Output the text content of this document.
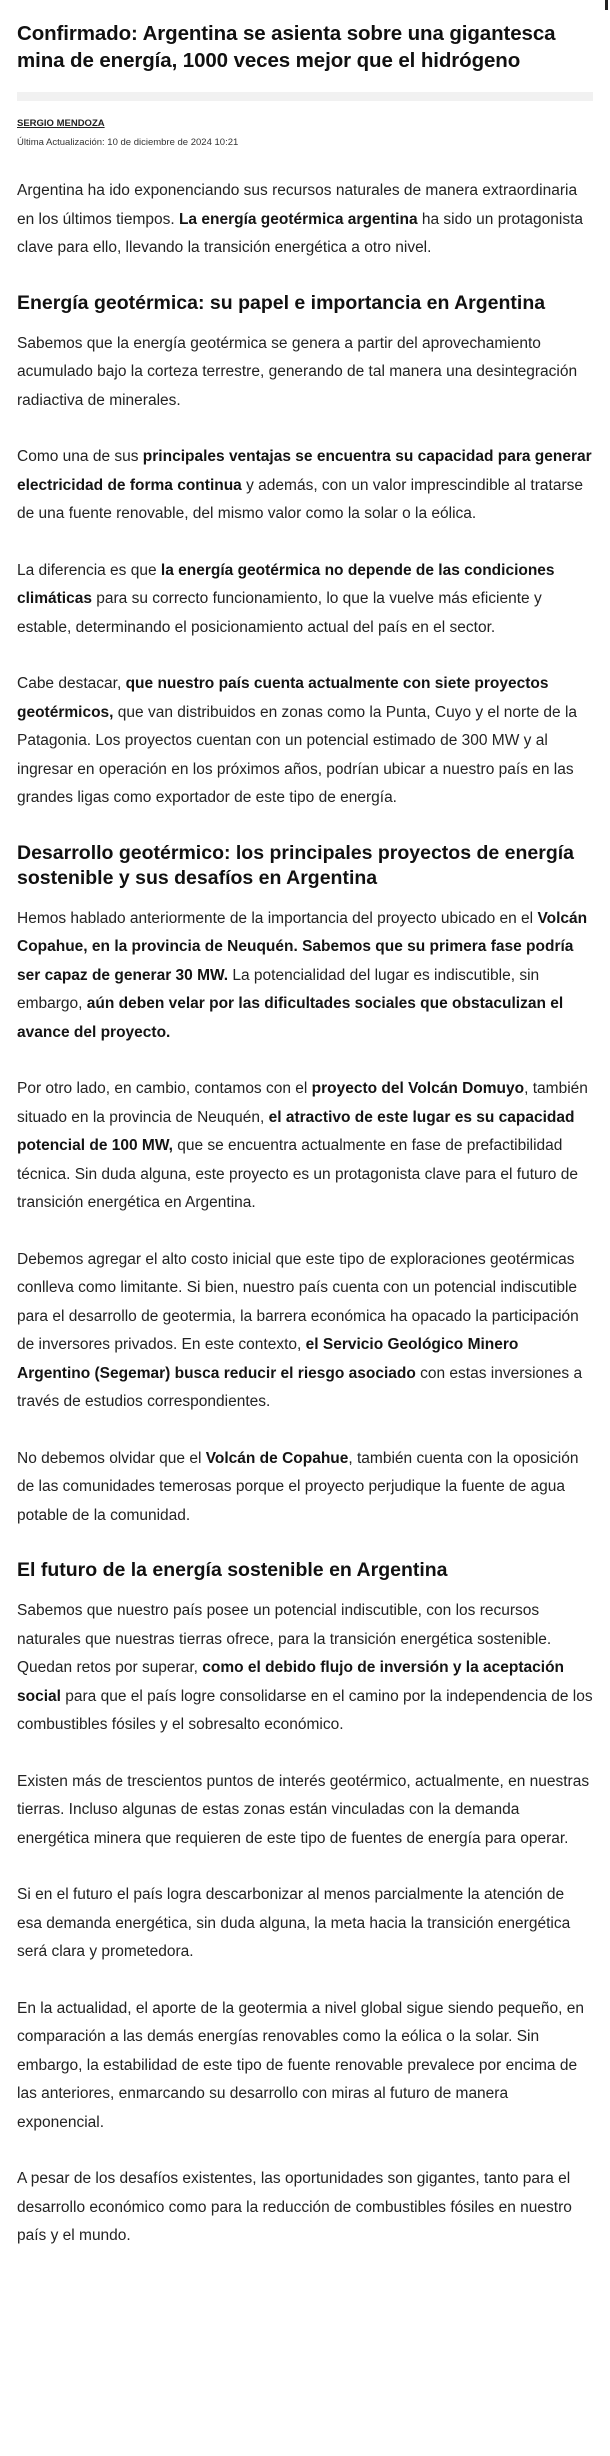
Confirmado: Argentina se asienta sobre una gigantesca mina de energía, 1000 veces mejor que el hidrógeno
SERGIO MENDOZA
Última Actualización: 10 de diciembre de 2024 10:21

Argentina ha ido exponenciando sus recursos naturales de manera extraordinaria en los últimos tiempos. La energía geotérmica argentina ha sido un protagonista clave para ello, llevando la transición energética a otro nivel.

Energía geotérmica: su papel e importancia en Argentina

Sabemos que la energía geotérmica se genera a partir del aprovechamiento acumulado bajo la corteza terrestre, generando de tal manera una desintegración radiactiva de minerales.

Como una de sus principales ventajas se encuentra su capacidad para generar electricidad de forma continua y además, con un valor imprescindible al tratarse de una fuente renovable, del mismo valor como la solar o la eólica.

La diferencia es que la energía geotérmica no depende de las condiciones climáticas para su correcto funcionamiento, lo que la vuelve más eficiente y estable, determinando el posicionamiento actual del país en el sector.

Cabe destacar, que nuestro país cuenta actualmente con siete proyectos geotérmicos, que van distribuidos en zonas como la Punta, Cuyo y el norte de la Patagonia. Los proyectos cuentan con un potencial estimado de 300 MW y al ingresar en operación en los próximos años, podrían ubicar a nuestro país en las grandes ligas como exportador de este tipo de energía.

Desarrollo geotérmico: los principales proyectos de energía sostenible y sus desafíos en Argentina

Hemos hablado anteriormente de la importancia del proyecto ubicado en el Volcán Copahue, en la provincia de Neuquén. Sabemos que su primera fase podría ser capaz de generar 30 MW. La potencialidad del lugar es indiscutible, sin embargo, aún deben velar por las dificultades sociales que obstaculizan el avance del proyecto.

Por otro lado, en cambio, contamos con el proyecto del Volcán Domuyo, también situado en la provincia de Neuquén, el atractivo de este lugar es su capacidad potencial de 100 MW, que se encuentra actualmente en fase de prefactibilidad técnica. Sin duda alguna, este proyecto es un protagonista clave para el futuro de transición energética en Argentina.

Debemos agregar el alto costo inicial que este tipo de exploraciones geotérmicas conlleva como limitante. Si bien, nuestro país cuenta con un potencial indiscutible para el desarrollo de geotermia, la barrera económica ha opacado la participación de inversores privados. En este contexto, el Servicio Geológico Minero Argentino (Segemar) busca reducir el riesgo asociado con estas inversiones a través de estudios correspondientes.

No debemos olvidar que el Volcán de Copahue, también cuenta con la oposición de las comunidades temerosas porque el proyecto perjudique la fuente de agua potable de la comunidad.

El futuro de la energía sostenible en Argentina

Sabemos que nuestro país posee un potencial indiscutible, con los recursos naturales que nuestras tierras ofrece, para la transición energética sostenible. Quedan retos por superar, como el debido flujo de inversión y la aceptación social para que el país logre consolidarse en el camino por la independencia de los combustibles fósiles y el sobresalto económico.

Existen más de trescientos puntos de interés geotérmico, actualmente, en nuestras tierras. Incluso algunas de estas zonas están vinculadas con la demanda energética minera que requieren de este tipo de fuentes de energía para operar.

Si en el futuro el país logra descarbonizar al menos parcialmente la atención de esa demanda energética, sin duda alguna, la meta hacia la transición energética será clara y prometedora.

En la actualidad, el aporte de la geotermia a nivel global sigue siendo pequeño, en comparación a las demás energías renovables como la eólica o la solar. Sin embargo, la estabilidad de este tipo de fuente renovable prevalece por encima de las anteriores, enmarcando su desarrollo con miras al futuro de manera exponencial.

A pesar de los desafíos existentes, las oportunidades son gigantes, tanto para el desarrollo económico como para la reducción de combustibles fósiles en nuestro país y el mundo.
